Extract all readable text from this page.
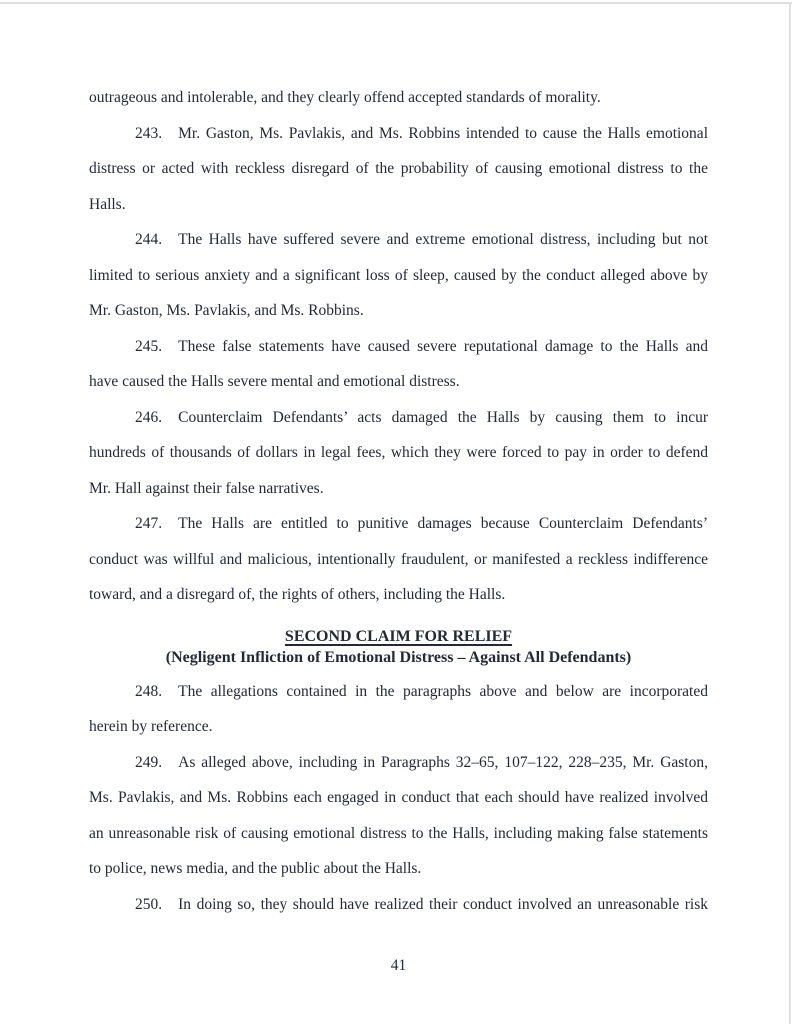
outrageous and intolerable, and they clearly offend accepted standards of morality.
243. Mr. Gaston, Ms. Pavlakis, and Ms. Robbins intended to cause the Halls emotional
distress or acted with reckless disregard of the probability of causing emotional distress to the
Halls.
244. The Halls have suffered severe and extreme emotional distress, including but not
limited to serious anxiety and a significant loss of sleep, caused by the conduct alleged above by
Mr. Gaston, Ms. Pavlakis, and Ms. Robbins.
245. These false statements have caused severe reputational damage to the Halls and
have caused the Halls severe mental and emotional distress.
246. Counterclaim Defendants’ acts damaged the Halls by causing them to incur
hundreds of thousands of dollars in legal fees, which they were forced to pay in order to defend
Mr. Hall against their false narratives.
247. The Halls are entitled to punitive damages because Counterclaim Defendants’
conduct was willful and malicious, intentionally fraudulent, or manifested a reckless indifference
toward, and a disregard of, the rights of others, including the Halls.
SECOND CLAIM FOR RELIEF
(Negligent Infliction of Emotional Distress – Against All Defendants)
248. The allegations contained in the paragraphs above and below are incorporated
herein by reference.
249. As alleged above, including in Paragraphs 32–65, 107–122, 228–235, Mr. Gaston,
Ms. Pavlakis, and Ms. Robbins each engaged in conduct that each should have realized involved
an unreasonable risk of causing emotional distress to the Halls, including making false statements
to police, news media, and the public about the Halls.
250. In doing so, they should have realized their conduct involved an unreasonable risk
41
